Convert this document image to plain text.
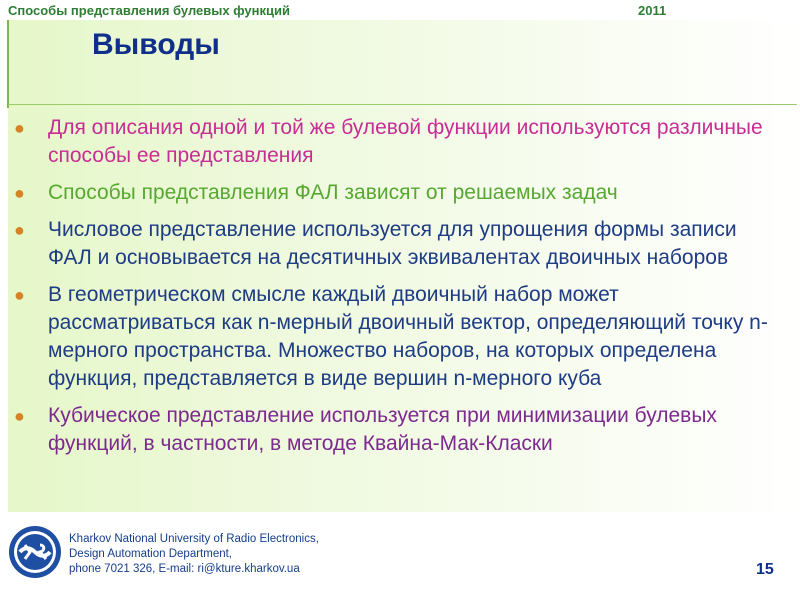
Способы представления булевых функций	2011
Выводы
● Для описания одной и той же булевой функции используются различные способы ее представления
● Способы представления ФАЛ зависят от решаемых задач
● Числовое представление используется для упрощения формы записи ФАЛ и основывается на десятичных эквивалентах двоичных наборов
● В геометрическом смысле каждый двоичный набор может рассматриваться как n-мерный двоичный вектор, определяющий точку n-мерного пространства. Множество наборов, на которых определена функция, представляется в виде вершин n-мерного куба
● Кубическое представление используется при минимизации булевых функций, в частности, в методе Квайна-Мак-Класки
Kharkov National University of Radio Electronics,
Design Automation Department,
phone 7021 326, E-mail: ri@kture.kharkov.ua	15
